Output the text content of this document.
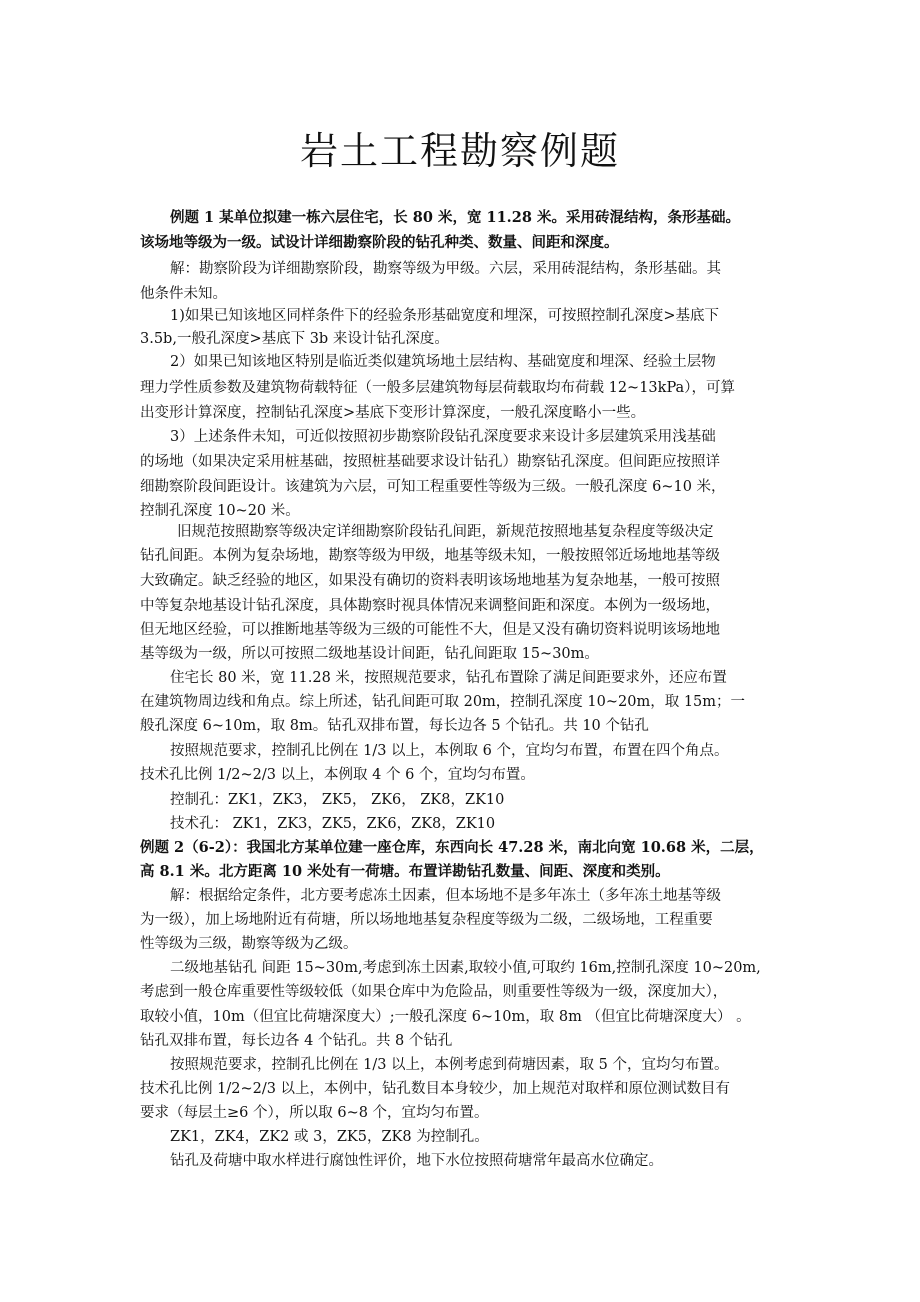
岩土工程勘察例题
例题 1 某单位拟建一栋六层住宅，长 80 米，宽 11.28 米。采用砖混结构，条形基础。
该场地等级为一级。试设计详细勘察阶段的钻孔种类、数量、间距和深度。
解：勘察阶段为详细勘察阶段，勘察等级为甲级。六层，采用砖混结构，条形基础。其
他条件未知。
1)如果已知该地区同样条件下的经验条形基础宽度和埋深，可按照控制孔深度>基底下
3.5b,一般孔深度>基底下 3b 来设计钻孔深度。
2）如果已知该地区特别是临近类似建筑场地土层结构、基础宽度和埋深、经验土层物
理力学性质参数及建筑物荷载特征（一般多层建筑物每层荷载取均布荷载 12~13kPa），可算
出变形计算深度，控制钻孔深度>基底下变形计算深度，一般孔深度略小一些。
3）上述条件未知，可近似按照初步勘察阶段钻孔深度要求来设计多层建筑采用浅基础
的场地（如果决定采用桩基础，按照桩基础要求设计钻孔）勘察钻孔深度。但间距应按照详
细勘察阶段间距设计。该建筑为六层，可知工程重要性等级为三级。一般孔深度 6~10 米，
控制孔深度 10~20 米。
旧规范按照勘察等级决定详细勘察阶段钻孔间距，新规范按照地基复杂程度等级决定
钻孔间距。本例为复杂场地，勘察等级为甲级，地基等级未知，一般按照邻近场地地基等级
大致确定。缺乏经验的地区，如果没有确切的资料表明该场地地基为复杂地基，一般可按照
中等复杂地基设计钻孔深度，具体勘察时视具体情况来调整间距和深度。本例为一级场地，
但无地区经验，可以推断地基等级为三级的可能性不大，但是又没有确切资料说明该场地地
基等级为一级，所以可按照二级地基设计间距，钻孔间距取 15~30m。
住宅长 80 米，宽 11.28 米，按照规范要求，钻孔布置除了满足间距要求外，还应布置
在建筑物周边线和角点。综上所述，钻孔间距可取 20m，控制孔深度 10~20m，取 15m；一
般孔深度 6~10m，取 8m。钻孔双排布置，每长边各 5 个钻孔。共 10 个钻孔
按照规范要求，控制孔比例在 1/3 以上，本例取 6 个，宜均匀布置，布置在四个角点。
技术孔比例 1/2~2/3 以上，本例取 4 个 6 个，宜均匀布置。
控制孔：ZK1，ZK3， ZK5， ZK6， ZK8，ZK10
技术孔： ZK1，ZK3，ZK5，ZK6，ZK8，ZK10
例题 2（6-2）：我国北方某单位建一座仓库，东西向长 47.28 米，南北向宽 10.68 米，二层，
高 8.1 米。北方距离 10 米处有一荷塘。布置详勘钻孔数量、间距、深度和类别。
解：根据给定条件，北方要考虑冻土因素，但本场地不是多年冻土（多年冻土地基等级
为一级），加上场地附近有荷塘，所以场地地基复杂程度等级为二级，二级场地，工程重要
性等级为三级，勘察等级为乙级。
二级地基钻孔 间距 15~30m,考虑到冻土因素,取较小值,可取约 16m,控制孔深度 10~20m,
考虑到一般仓库重要性等级较低（如果仓库中为危险品，则重要性等级为一级，深度加大），
取较小值，10m（但宜比荷塘深度大）;一般孔深度 6~10m，取 8m （但宜比荷塘深度大） 。
钻孔双排布置，每长边各 4 个钻孔。共 8 个钻孔
按照规范要求，控制孔比例在 1/3 以上，本例考虑到荷塘因素，取 5 个，宜均匀布置。
技术孔比例 1/2~2/3 以上，本例中，钻孔数目本身较少，加上规范对取样和原位测试数目有
要求（每层土≥6 个），所以取 6~8 个，宜均匀布置。
ZK1，ZK4，ZK2 或 3，ZK5，ZK8 为控制孔。
钻孔及荷塘中取水样进行腐蚀性评价，地下水位按照荷塘常年最高水位确定。
